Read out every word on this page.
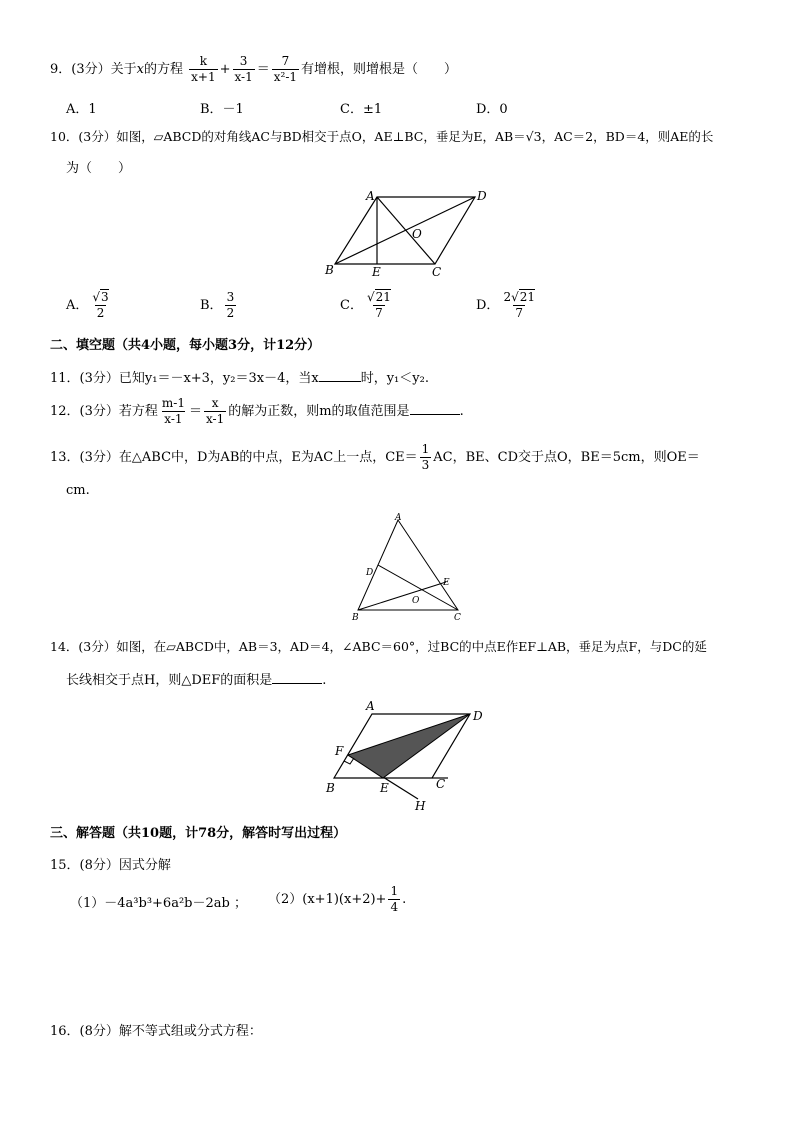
9．(3分）关于x的方程 $\frac{k}{x+1} + \frac{3}{x-1} = \frac{7}{\text{x²-1}}$ 有增根，则增根是（　　）
A．1	B．－1	C．±1	D．0
10．(3分）如图，▱ABCD的对角线AC与BD相交于点O，AE⊥BC，垂足为E，AB＝√3，AC＝2，BD＝4，则AE的长
为（　　）
A	D
O
B	E	C
A． $\frac{√3}{2}$	B． $\frac{3}{2}$	C． $\frac{√21}{7}$	D． $\frac{2√21}{7}$
二、填空题（共4小题，每小题3分，计12分）
11．(3分）已知y₁＝－x+3，y₂＝3x－4，当x	时，y₁＜y₂.
12．(3分）若方程 $\frac{m-1}{x-1} = \frac{x}{x-1}$ 的解为正数，则m的取值范围是	.
13．(3分）在△ABC中，D为AB的中点，E为AC上一点，$CE= \frac{1}{3}$ AC，BE、CD交于点O，BE＝5cm，则OE＝
cm.
A
D
E
O
B	C
14．(3分）如图，在▱ABCD中，AB＝3，AD＝4，∠ABC＝60°，过BC的中点E作EF⊥AB，垂足为点F，与DC的延
长线相交于点H，则△DEF的面积是	.
A
D
F
C
B	E
H
三、解答题（共10题，计78分，解答时写出过程）
15．(8分）因式分解
（1）－4a³b³+6a²b－2ab ； $(2)(x+1)(x+2)+ \frac{1}{4}$ .
16．(8分）解不等式组或分式方程：
